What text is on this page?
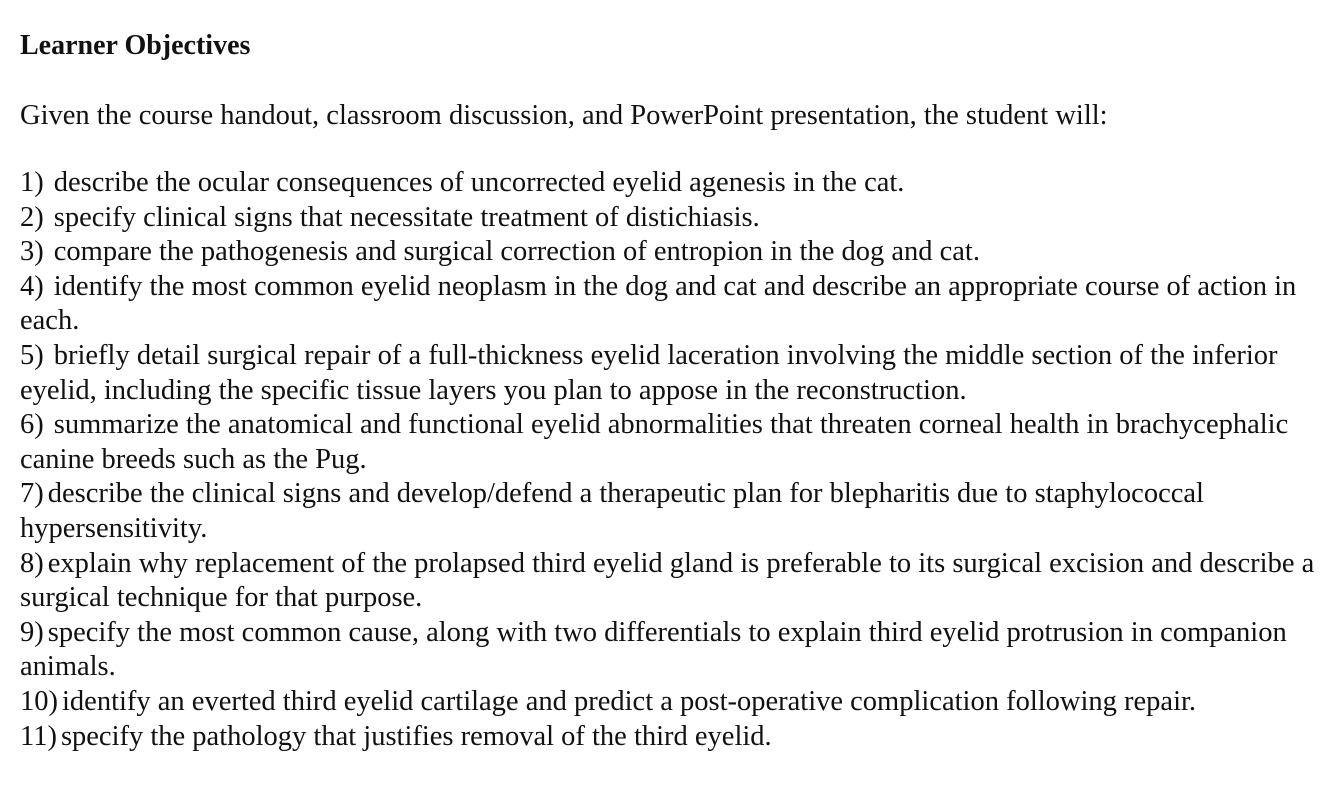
Learner Objectives

Given the course handout, classroom discussion, and PowerPoint presentation, the student will:

1) describe the ocular consequences of uncorrected eyelid agenesis in the cat.
2) specify clinical signs that necessitate treatment of distichiasis.
3) compare the pathogenesis and surgical correction of entropion in the dog and cat.
4) identify the most common eyelid neoplasm in the dog and cat and describe an appropriate course of action in each.
5) briefly detail surgical repair of a full-thickness eyelid laceration involving the middle section of the inferior eyelid, including the specific tissue layers you plan to appose in the reconstruction.
6) summarize the anatomical and functional eyelid abnormalities that threaten corneal health in brachycephalic canine breeds such as the Pug.
7) describe the clinical signs and develop/defend a therapeutic plan for blepharitis due to staphylococcal hypersensitivity.
8) explain why replacement of the prolapsed third eyelid gland is preferable to its surgical excision and describe a surgical technique for that purpose.
9) specify the most common cause, along with two differentials to explain third eyelid protrusion in companion animals.
10) identify an everted third eyelid cartilage and predict a post-operative complication following repair.
11) specify the pathology that justifies removal of the third eyelid.
